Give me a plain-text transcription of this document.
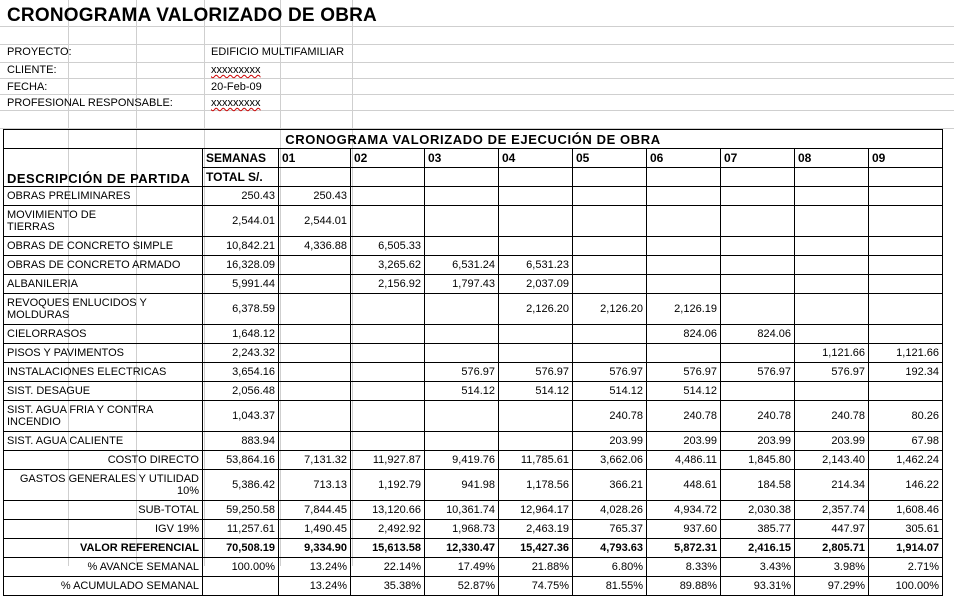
CRONOGRAMA VALORIZADO DE OBRA
PROYECTO:	EDIFICIO MULTIFAMILIAR
CLIENTE:	xxxxxxxxx
FECHA:	20-Feb-09
PROFESIONAL RESPONSABLE:	xxxxxxxxx
CRONOGRAMA VALORIZADO DE EJECUCIÓN DE OBRA										
DESCRIPCIÓN DE PARTIDA	SEMANAS	01	02	03	04	05	06	07	08	09
	TOTAL S/.									
OBRAS PRELIMINARES	250.43	250.43								
MOVIMIENTO DE
TIERRAS	2,544.01	2,544.01								
OBRAS DE CONCRETO SIMPLE	10,842.21	4,336.88	6,505.33							
OBRAS DE CONCRETO ARMADO	16,328.09		3,265.62	6,531.24	6,531.23					
ALBANILERIA	5,991.44		2,156.92	1,797.43	2,037.09					
REVOQUES ENLUCIDOS Y
MOLDURAS	6,378.59				2,126.20	2,126.20	2,126.19			
CIELORRASOS	1,648.12						824.06	824.06		
PISOS Y PAVIMENTOS	2,243.32								1,121.66	1,121.66
INSTALACIONES ELECTRICAS	3,654.16			576.97	576.97	576.97	576.97	576.97	576.97	192.34
SIST. DESAGUE	2,056.48			514.12	514.12	514.12	514.12			
SIST. AGUA FRIA Y CONTRA
INCENDIO	1,043.37					240.78	240.78	240.78	240.78	80.26
SIST. AGUA CALIENTE	883.94					203.99	203.99	203.99	203.99	67.98
COSTO DIRECTO	53,864.16	7,131.32	11,927.87	9,419.76	11,785.61	3,662.06	4,486.11	1,845.80	2,143.40	1,462.24
GASTOS GENERALES Y UTILIDAD
10%	5,386.42	713.13	1,192.79	941.98	1,178.56	366.21	448.61	184.58	214.34	146.22
SUB-TOTAL	59,250.58	7,844.45	13,120.66	10,361.74	12,964.17	4,028.26	4,934.72	2,030.38	2,357.74	1,608.46
IGV 19%	11,257.61	1,490.45	2,492.92	1,968.73	2,463.19	765.37	937.60	385.77	447.97	305.61
VALOR REFERENCIAL	70,508.19	9,334.90	15,613.58	12,330.47	15,427.36	4,793.63	5,872.31	2,416.15	2,805.71	1,914.07
% AVANCE SEMANAL	100.00%	13.24%	22.14%	17.49%	21.88%	6.80%	8.33%	3.43%	3.98%	2.71%
% ACUMULADO SEMANAL		13.24%	35.38%	52.87%	74.75%	81.55%	89.88%	93.31%	97.29%	100.00%
